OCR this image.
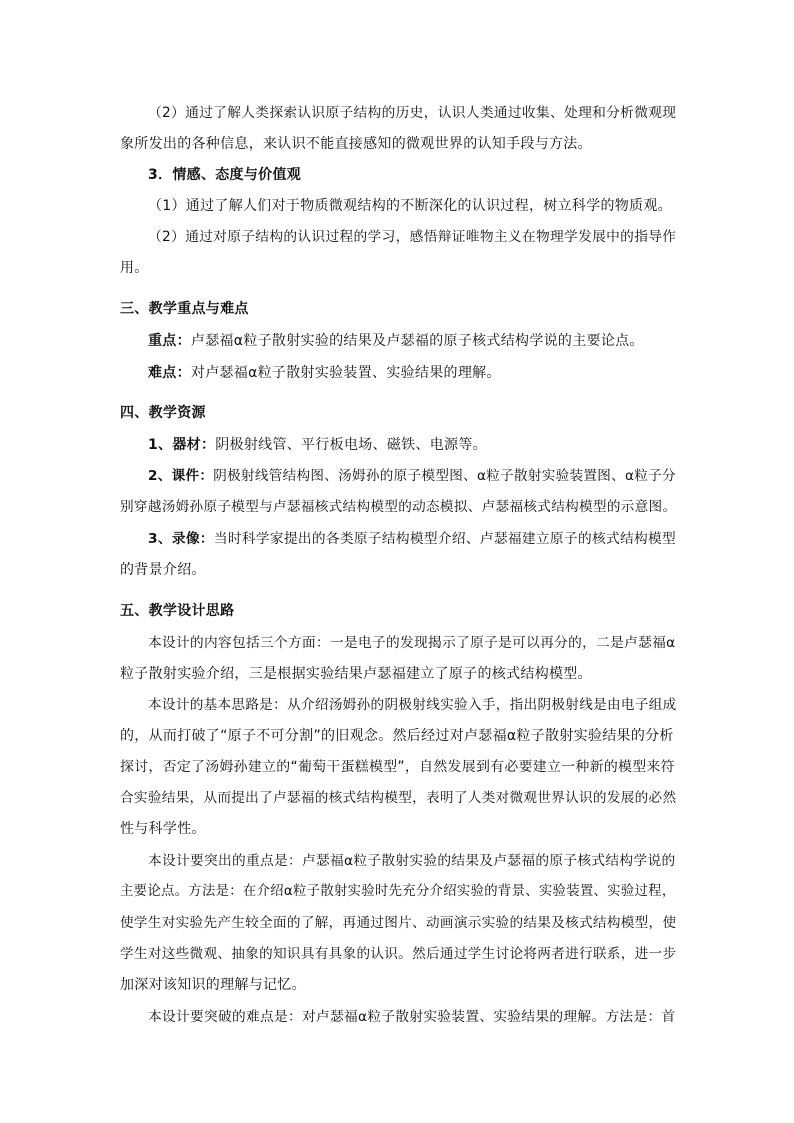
（2）通过了解人类探索认识原子结构的历史，认识人类通过收集、处理和分析微观现

象所发出的各种信息，来认识不能直接感知的微观世界的认知手段与方法。

3．情感、态度与价值观

（1）通过了解人们对于物质微观结构的不断深化的认识过程，树立科学的物质观。

（2）通过对原子结构的认识过程的学习，感悟辩证唯物主义在物理学发展中的指导作

用。

三、教学重点与难点

重点：卢瑟福α粒子散射实验的结果及卢瑟福的原子核式结构学说的主要论点。

难点：对卢瑟福α粒子散射实验装置、实验结果的理解。

四、教学资源

1、器材：阴极射线管、平行板电场、磁铁、电源等。

2、课件：阴极射线管结构图、汤姆孙的原子模型图、α粒子散射实验装置图、α粒子分

别穿越汤姆孙原子模型与卢瑟福核式结构模型的动态模拟、卢瑟福核式结构模型的示意图。

3、录像：当时科学家提出的各类原子结构模型介绍、卢瑟福建立原子的核式结构模型

的背景介绍。

五、教学设计思路

本设计的内容包括三个方面：一是电子的发现揭示了原子是可以再分的，二是卢瑟福α

粒子散射实验介绍，三是根据实验结果卢瑟福建立了原子的核式结构模型。

本设计的基本思路是：从介绍汤姆孙的阴极射线实验入手，指出阴极射线是由电子组成

的，从而打破了“原子不可分割”的旧观念。然后经过对卢瑟福α粒子散射实验结果的分析

探讨，否定了汤姆孙建立的“葡萄干蛋糕模型”，自然发展到有必要建立一种新的模型来符

合实验结果，从而提出了卢瑟福的核式结构模型，表明了人类对微观世界认识的发展的必然

性与科学性。

本设计要突出的重点是：卢瑟福α粒子散射实验的结果及卢瑟福的原子核式结构学说的

主要论点。方法是：在介绍α粒子散射实验时先充分介绍实验的背景、实验装置、实验过程，

使学生对实验先产生较全面的了解，再通过图片、动画演示实验的结果及核式结构模型，使

学生对这些微观、抽象的知识具有具象的认识。然后通过学生讨论将两者进行联系，进一步

加深对该知识的理解与记忆。

本设计要突破的难点是：对卢瑟福α粒子散射实验装置、实验结果的理解。方法是：首
